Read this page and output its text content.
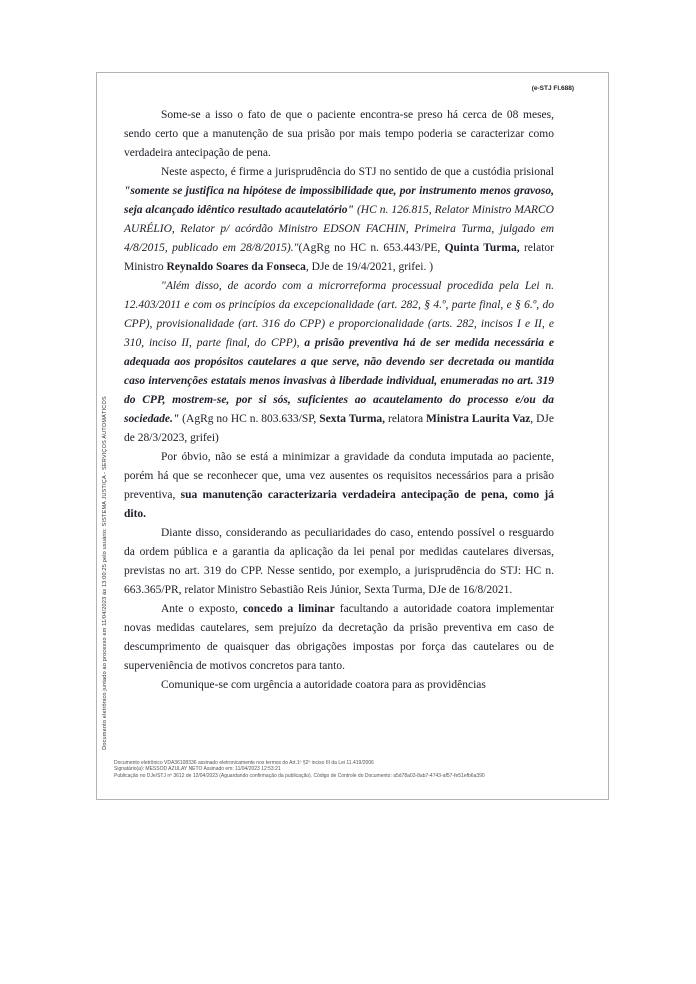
(e-STJ Fl.688)
Documento eletrônico juntado ao processo em 11/04/2023 às 13:00:25 pelo usuário: SISTEMA JUSTIÇA - SERVIÇOS AUTOMÁTICOS

Some-se a isso o fato de que o paciente encontra-se preso há cerca de 08 meses, sendo certo que a manutenção de sua prisão por mais tempo poderia se caracterizar como verdadeira antecipação de pena.

Neste aspecto, é firme a jurisprudência do STJ no sentido de que a custódia prisional "somente se justifica na hipótese de impossibilidade que, por instrumento menos gravoso, seja alcançado idêntico resultado acautelatório" (HC n. 126.815, Relator Ministro MARCO AURÉLIO, Relator p/ acórdão Ministro EDSON FACHIN, Primeira Turma, julgado em 4/8/2015, publicado em 28/8/2015)."(AgRg no HC n. 653.443/PE, Quinta Turma, relator Ministro Reynaldo Soares da Fonseca, DJe de 19/4/2021, grifei. )

"Além disso, de acordo com a microrreforma processual procedida pela Lei n. 12.403/2011 e com os princípios da excepcionalidade (art. 282, § 4.º, parte final, e § 6.º, do CPP), provisionalidade (art. 316 do CPP) e proporcionalidade (arts. 282, incisos I e II, e 310, inciso II, parte final, do CPP), a prisão preventiva há de ser medida necessária e adequada aos propósitos cautelares a que serve, não devendo ser decretada ou mantida caso intervenções estatais menos invasivas à liberdade individual, enumeradas no art. 319 do CPP, mostrem-se, por si sós, suficientes ao acautelamento do processo e/ou da sociedade." (AgRg no HC n. 803.633/SP, Sexta Turma, relatora Ministra Laurita Vaz, DJe de 28/3/2023, grifei)

Por óbvio, não se está a minimizar a gravidade da conduta imputada ao paciente, porém há que se reconhecer que, uma vez ausentes os requisitos necessários para a prisão preventiva, sua manutenção caracterizaria verdadeira antecipação de pena, como já dito.

Diante disso, considerando as peculiaridades do caso, entendo possível o resguardo da ordem pública e a garantia da aplicação da lei penal por medidas cautelares diversas, previstas no art. 319 do CPP. Nesse sentido, por exemplo, a jurisprudência do STJ: HC n. 663.365/PR, relator Ministro Sebastião Reis Júnior, Sexta Turma, DJe de 16/8/2021.

Ante o exposto, concedo a liminar facultando a autoridade coatora implementar novas medidas cautelares, sem prejuízo da decretação da prisão preventiva em caso de descumprimento de quaisquer das obrigações impostas por força das cautelares ou de superveniência de motivos concretos para tanto.

Comunique-se com urgência a autoridade coatora para as providências

Documento eletrônico VDA36108336 assinado eletronicamente nos termos do Art.1º §2º inciso III da Lei 11.419/2006
Signatário(a): MESSOD AZULAY NETO Assinado em: 11/04/2023 12:53:21
Publicação no DJe/STJ nº 3612 de 12/04/2023 (Aguardando confirmação da publicação). Código de Controle do Documento: a5d78a03-8ab7-4743-af57-fe51efb6a390
